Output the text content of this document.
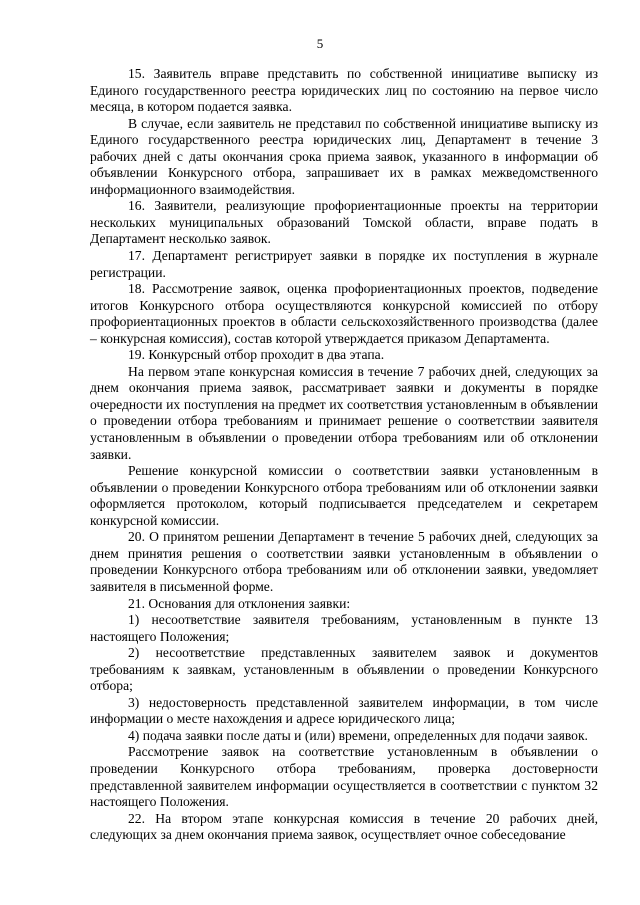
5

15. Заявитель вправе представить по собственной инициативе выписку из Единого государственного реестра юридических лиц по состоянию на первое число месяца, в котором подается заявка.

В случае, если заявитель не представил по собственной инициативе выписку из Единого государственного реестра юридических лиц, Департамент в течение 3 рабочих дней с даты окончания срока приема заявок, указанного в информации об объявлении Конкурсного отбора, запрашивает их в рамках межведомственного информационного взаимодействия.

16. Заявители, реализующие профориентационные проекты на территории нескольких муниципальных образований Томской области, вправе подать в Департамент несколько заявок.

17. Департамент регистрирует заявки в порядке их поступления в журнале регистрации.

18. Рассмотрение заявок, оценка профориентационных проектов, подведение итогов Конкурсного отбора осуществляются конкурсной комиссией по отбору профориентационных проектов в области сельскохозяйственного производства (далее – конкурсная комиссия), состав которой утверждается приказом Департамента.

19. Конкурсный отбор проходит в два этапа.

На первом этапе конкурсная комиссия в течение 7 рабочих дней, следующих за днем окончания приема заявок, рассматривает заявки и документы в порядке очередности их поступления на предмет их соответствия установленным в объявлении о проведении отбора требованиям и принимает решение о соответствии заявителя установленным в объявлении о проведении отбора требованиям или об отклонении заявки.

Решение конкурсной комиссии о соответствии заявки установленным в объявлении о проведении Конкурсного отбора требованиям или об отклонении заявки оформляется протоколом, который подписывается председателем и секретарем конкурсной комиссии.

20. О принятом решении Департамент в течение 5 рабочих дней, следующих за днем принятия решения о соответствии заявки установленным в объявлении о проведении Конкурсного отбора требованиям или об отклонении заявки, уведомляет заявителя в письменной форме.

21. Основания для отклонения заявки:

1) несоответствие заявителя требованиям, установленным в пункте 13 настоящего Положения;

2) несоответствие представленных заявителем заявок и документов требованиям к заявкам, установленным в объявлении о проведении Конкурсного отбора;

3) недостоверность представленной заявителем информации, в том числе информации о месте нахождения и адресе юридического лица;

4) подача заявки после даты и (или) времени, определенных для подачи заявок.

Рассмотрение заявок на соответствие установленным в объявлении о проведении Конкурсного отбора требованиям, проверка достоверности представленной заявителем информации осуществляется в соответствии с пунктом 32 настоящего Положения.

22. На втором этапе конкурсная комиссия в течение 20 рабочих дней, следующих за днем окончания приема заявок, осуществляет очное собеседование
